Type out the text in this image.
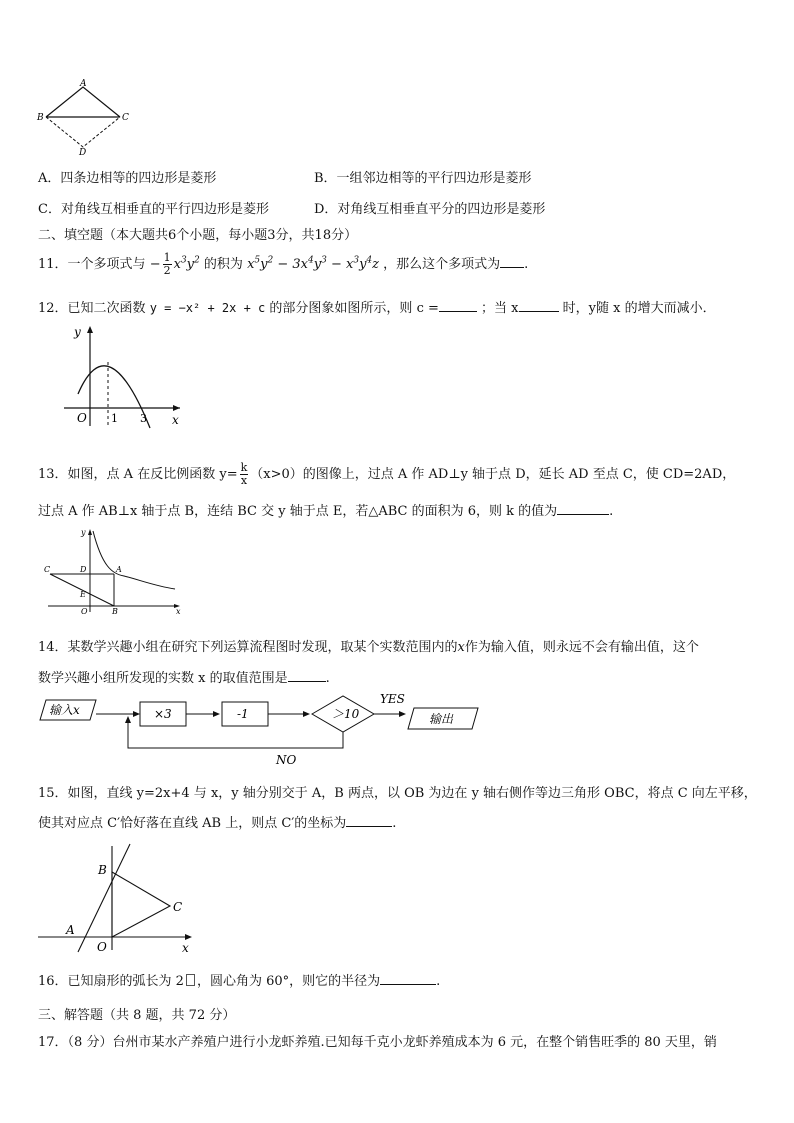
A
B	C
D
A．四条边相等的四边形是菱形	B．一组邻边相等的平行四边形是菱形
C．对角线互相垂直的平行四边形是菱形	D．对角线互相垂直平分的四边形是菱形
二、填空题（本大题共6个小题，每小题3分，共18分）
11．一个多项式与 − $\frac{1}{2} x^3y^2$ 的积为 $x^5y^2 - 3x^4y^3 - x^3y^4z$ ，那么这个多项式为 .
12．已知二次函数 y = −x² + 2x + c 的部分图象如图所示，则 c =	；当 x	时，y随 x 的增大而减小．
y
x
O 1 3
13．如图，点 A 在反比例函数 $y= \frac{k}{x} (x>0)$的图像上，过点 A 作 AD⊥y 轴于点 D，延长 AD 至点 C，使 CD=2AD，
过点 A 作 AB⊥x 轴于点 B，连结 BC 交 y 轴于点 E，若△ABC 的面积为 6，则 k 的值为	.
y
x
C	D	A
E
O	B
14．某数学兴趣小组在研究下列运算流程图时发现，取某个实数范围内的x作为输入值，则永远不会有输出值，这个
数学兴趣小组所发现的实数 x 的取值范围是	.
输入x	×3	-1	＞10
YES
输出
NO
15．如图，直线 y=2x+4 与 x，y 轴分别交于 A，B 两点，以 OB 为边在 y 轴右侧作等边三角形 OBC，将点 C 向左平移，
使其对应点 C′恰好落在直线 AB 上，则点 C′的坐标为	.
B
C
A
O	x
16．已知扇形的弧长为 2 ，圆心角为 60°，则它的半径为	.
三、解答题（共 8 题，共 72 分）
17．（8 分）台州市某水产养殖户进行小龙虾养殖.已知每千克小龙虾养殖成本为 6 元，在整个销售旺季的 80 天里，销
